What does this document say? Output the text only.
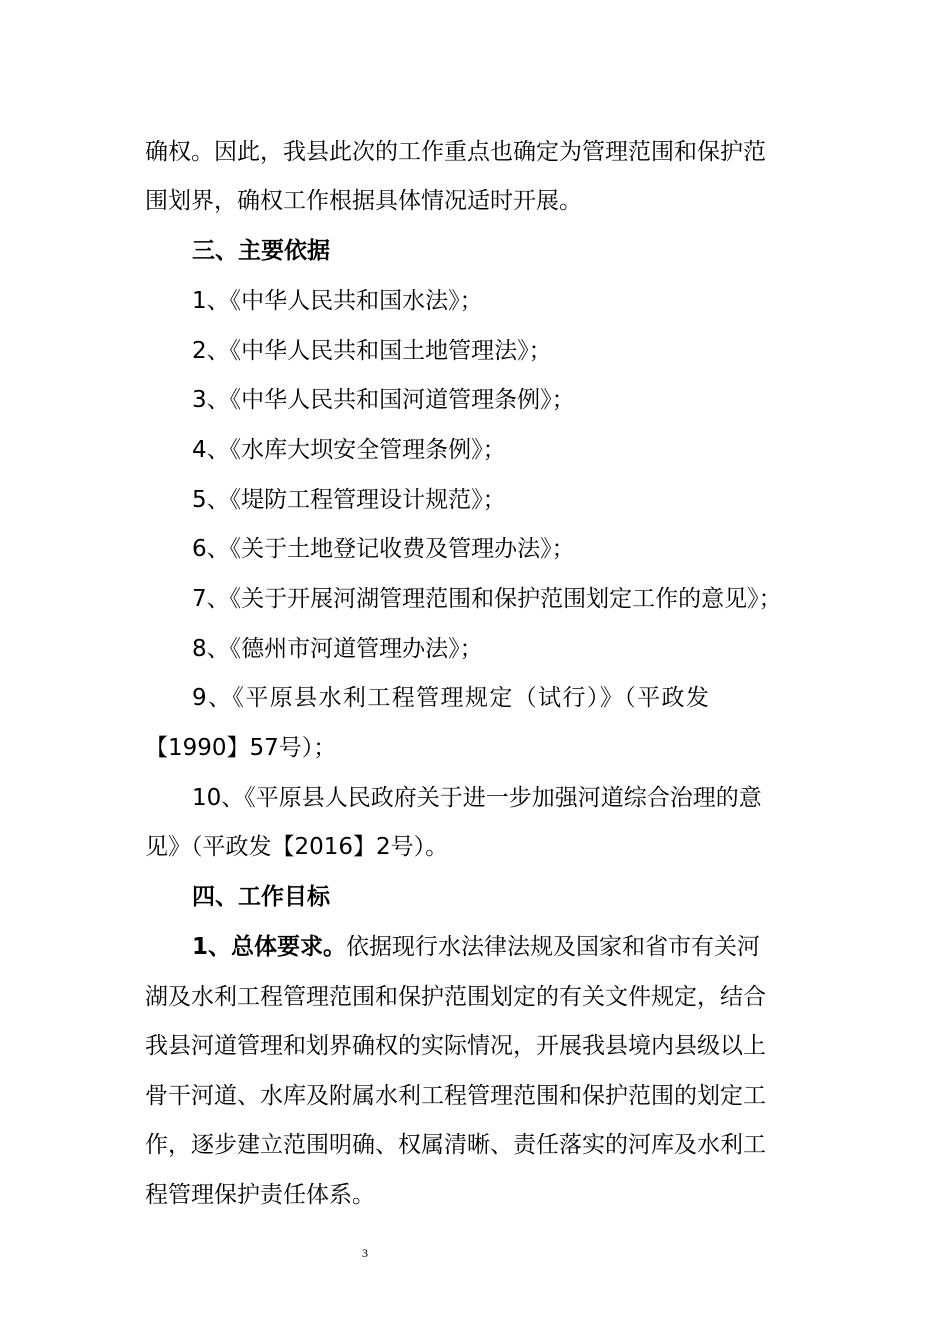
确权。因此，我县此次的工作重点也确定为管理范围和保护范
围划界，确权工作根据具体情况适时开展。
三、主要依据
1、《中华人民共和国水法》；
2、《中华人民共和国土地管理法》；
3、《中华人民共和国河道管理条例》；
4、《水库大坝安全管理条例》；
5、《堤防工程管理设计规范》；
6、《关于土地登记收费及管理办法》；
7、《关于开展河湖管理范围和保护范围划定工作的意见》；
8、《德州市河道管理办法》；
9、《平原县水利工程管理规定（试行）》（平政发
【1990】57号）；
10、《平原县人民政府关于进一步加强河道综合治理的意
见》（平政发【2016】2号）。
四、工作目标
1、总体要求。依据现行水法律法规及国家和省市有关河
湖及水利工程管理范围和保护范围划定的有关文件规定，结合
我县河道管理和划界确权的实际情况，开展我县境内县级以上
骨干河道、水库及附属水利工程管理范围和保护范围的划定工
作，逐步建立范围明确、权属清晰、责任落实的河库及水利工
程管理保护责任体系。
3
